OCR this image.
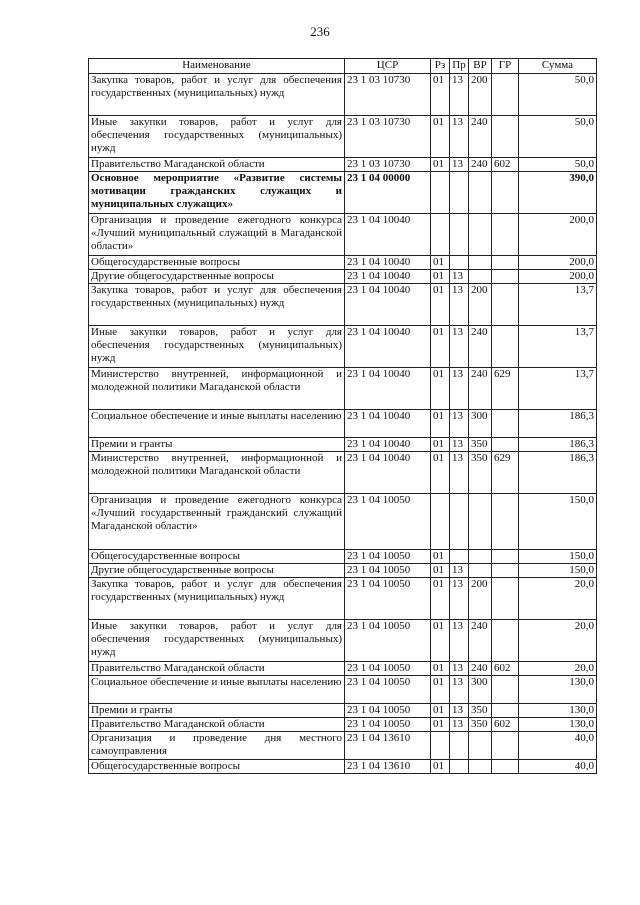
236
Наименование	ЦСР	Рз	Пр	ВР	ГР	Сумма
Закупка товаров, работ и услуг для обеспечения государственных (муниципальных) нужд	23 1 03 10730	01	13	200		50,0
Иные закупки товаров, работ и услуг для обеспечения государственных (муниципальных) нужд	23 1 03 10730	01	13	240		50,0
Правительство Магаданской области	23 1 03 10730	01	13	240	602	50,0
Основное мероприятие «Развитие системы мотивации гражданских служащих и муниципальных служащих»	23 1 04 00000					390,0
Организация и проведение ежегодного конкурса «Лучший муниципальный служащий в Магаданской области»	23 1 04 10040					200,0
Общегосударственные вопросы	23 1 04 10040	01				200,0
Другие общегосударственные вопросы	23 1 04 10040	01	13			200,0
Закупка товаров, работ и услуг для обеспечения государственных (муниципальных) нужд	23 1 04 10040	01	13	200		13,7
Иные закупки товаров, работ и услуг для обеспечения государственных (муниципальных) нужд	23 1 04 10040	01	13	240		13,7
Министерство внутренней, информационной и молодежной политики Магаданской области	23 1 04 10040	01	13	240	629	13,7
Социальное обеспечение и иные выплаты населению	23 1 04 10040	01	13	300		186,3
Премии и гранты	23 1 04 10040	01	13	350		186,3
Министерство внутренней, информационной и молодежной политики Магаданской области	23 1 04 10040	01	13	350	629	186,3
Организация и проведение ежегодного конкурса «Лучший государственный гражданский служащий Магаданской области»	23 1 04 10050					150,0
Общегосударственные вопросы	23 1 04 10050	01				150,0
Другие общегосударственные вопросы	23 1 04 10050	01	13			150,0
Закупка товаров, работ и услуг для обеспечения государственных (муниципальных) нужд	23 1 04 10050	01	13	200		20,0
Иные закупки товаров, работ и услуг для обеспечения государственных (муниципальных) нужд	23 1 04 10050	01	13	240		20,0
Правительство Магаданской области	23 1 04 10050	01	13	240	602	20,0
Социальное обеспечение и иные выплаты населению	23 1 04 10050	01	13	300		130,0
Премии и гранты	23 1 04 10050	01	13	350		130,0
Правительство Магаданской области	23 1 04 10050	01	13	350	602	130,0
Организация и проведение дня местного самоуправления	23 1 04 13610					40,0
Общегосударственные вопросы	23 1 04 13610	01				40,0
